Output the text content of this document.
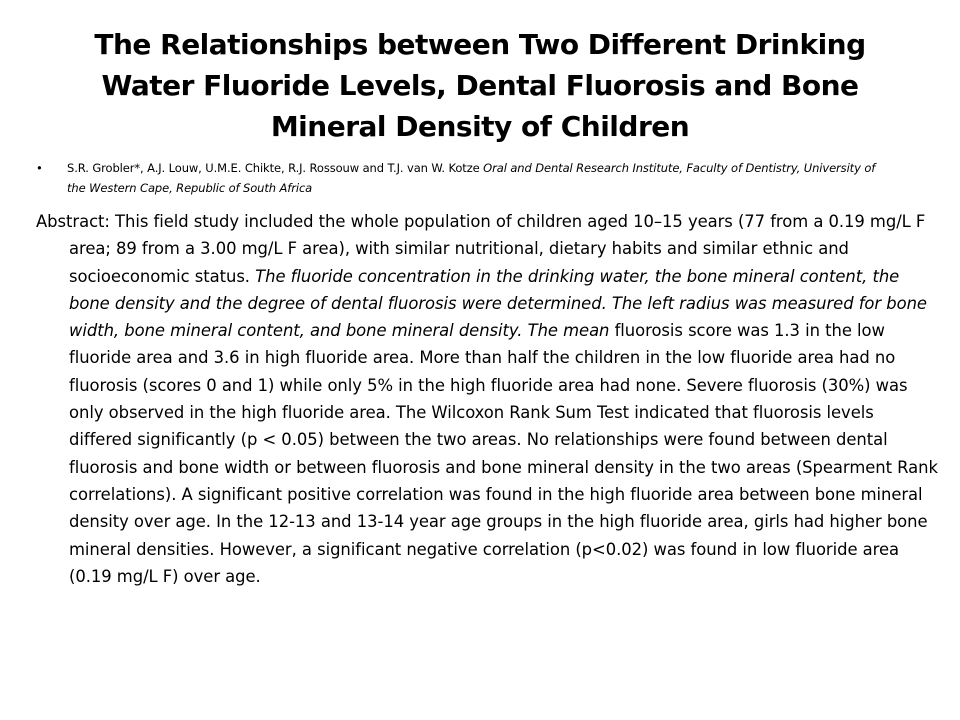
The Relationships between Two Different Drinking Water Fluoride Levels, Dental Fluorosis and Bone Mineral Density of Children
•	S.R. Grobler*, A.J. Louw, U.M.E. Chikte, R.J. Rossouw and T.J. van W. Kotze Oral and Dental Research Institute, Faculty of Dentistry, University of the Western Cape, Republic of South Africa
Abstract: This field study included the whole population of children aged 10–15 years (77 from a 0.19 mg/L F area; 89 from a 3.00 mg/L F area), with similar nutritional, dietary habits and similar ethnic and socioeconomic status. The fluoride concentration in the drinking water, the bone mineral content, the bone density and the degree of dental fluorosis were determined. The left radius was measured for bone width, bone mineral content, and bone mineral density. The mean fluorosis score was 1.3 in the low fluoride area and 3.6 in high fluoride area. More than half the children in the low fluoride area had no fluorosis (scores 0 and 1) while only 5% in the high fluoride area had none. Severe fluorosis (30%) was only observed in the high fluoride area. The Wilcoxon Rank Sum Test indicated that fluorosis levels differed significantly (p < 0.05) between the two areas. No relationships were found between dental fluorosis and bone width or between fluorosis and bone mineral density in the two areas (Spearment Rank correlations). A significant positive correlation was found in the high fluoride area between bone mineral density over age. In the 12-13 and 13-14 year age groups in the high fluoride area, girls had higher bone mineral densities. However, a significant negative correlation (p<0.02) was found in low fluoride area (0.19 mg/L F) over age.
